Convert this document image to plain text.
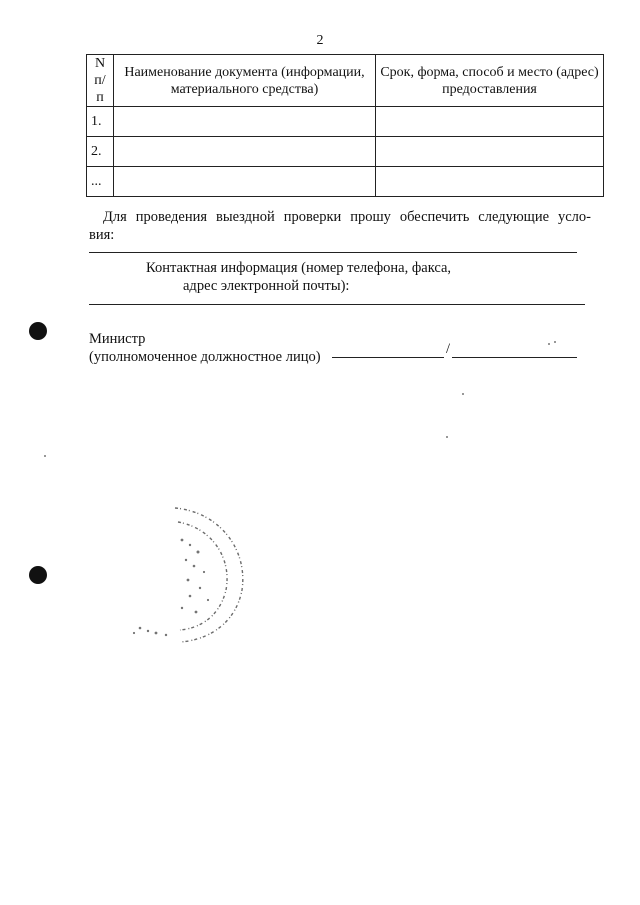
2
N п/п	Наименование документа (информации, материального средства)	Срок, форма, способ и место (адрес) предоставления
1.		
2.		
...		
Для проведения выездной проверки прошу обеспечить следующие усло-
вия:
Контактная информация (номер телефона, факса,
адрес электронной почты):
Министр
(уполномоченное должностное лицо)	/
